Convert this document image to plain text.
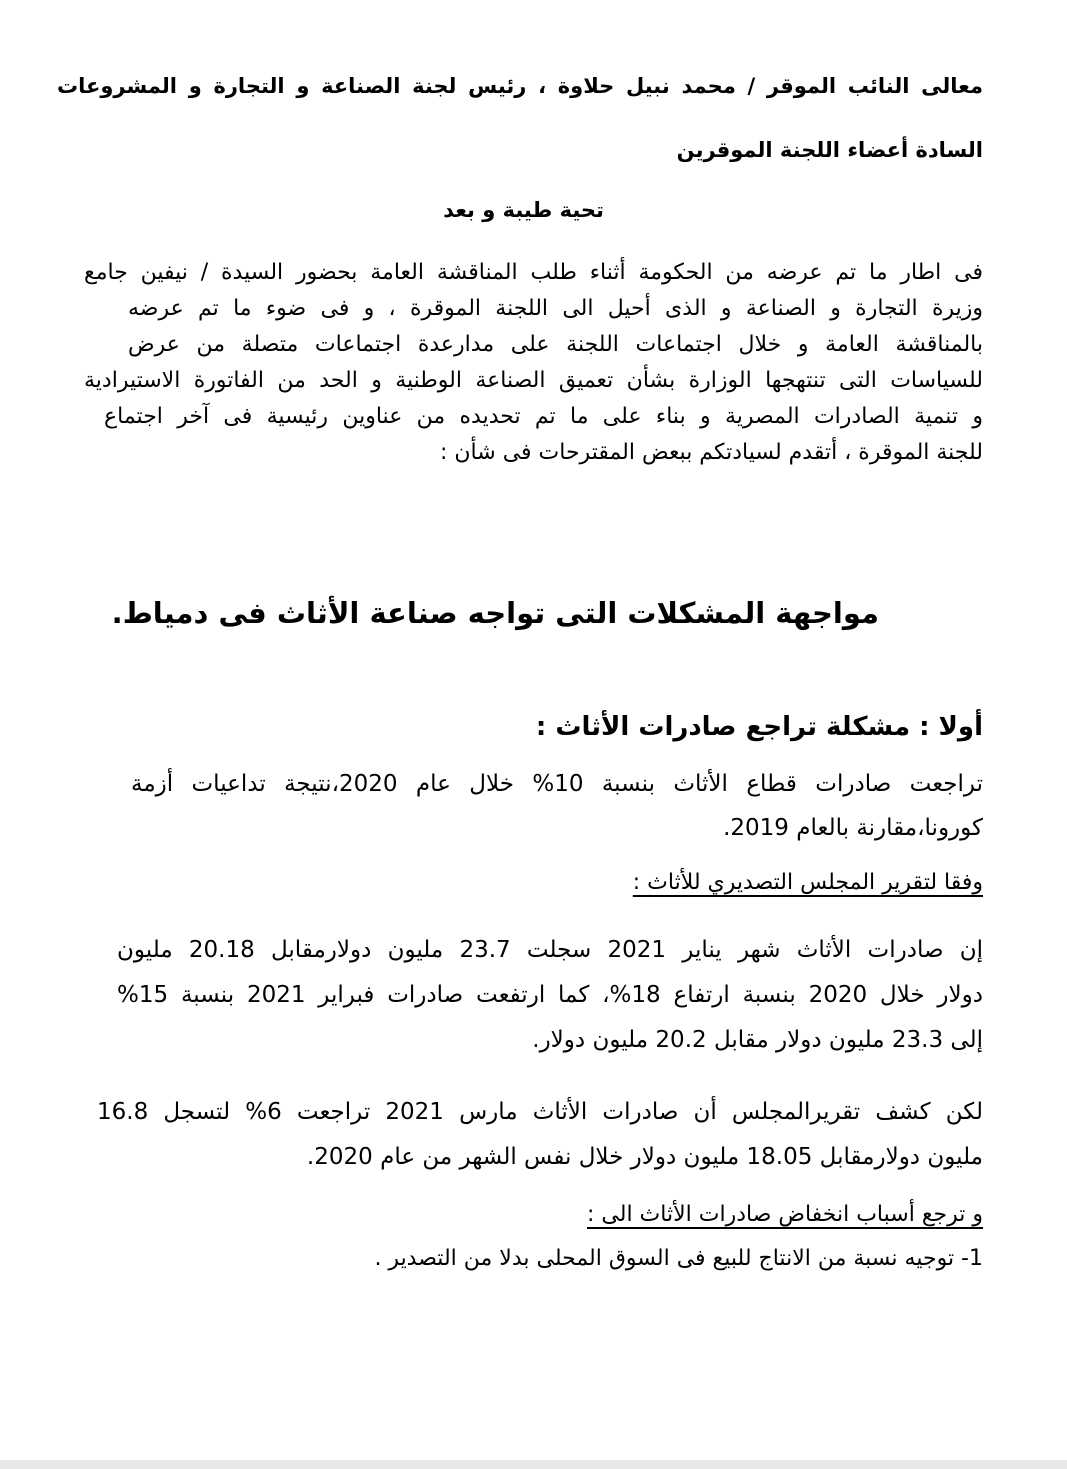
معالى النائب الموقر / محمد نبيل حلاوة ، رئيس لجنة الصناعة و التجارة و المشروعات
السادة أعضاء اللجنة الموقرين
تحية طيبة و بعد
فى اطار ما تم عرضه من الحكومة أثناء طلب المناقشة العامة بحضور السيدة / نيفين جامع
وزيرة التجارة و الصناعة و الذى أحيل الى اللجنة الموقرة ، و فى ضوء ما تم عرضه
بالمناقشة العامة و خلال اجتماعات اللجنة على مدارعدة اجتماعات متصلة من عرض
للسياسات التى تنتهجها الوزارة بشأن تعميق الصناعة الوطنية و الحد من الفاتورة الاستيرادية
و تنمية الصادرات المصرية و بناء على ما تم تحديده من عناوين رئيسية فى آخر اجتماع
للجنة الموقرة ، أتقدم لسيادتكم ببعض المقترحات فى شأن :
مواجهة المشكلات التى تواجه صناعة الأثاث فى دمياط.
أولا : مشكلة تراجع صادرات الأثاث :
تراجعت صادرات قطاع الأثاث بنسبة 10% خلال عام 2020،نتيجة تداعيات أزمة
كورونا،مقارنة بالعام 2019.
وفقا لتقرير المجلس التصديري للأثاث :
إن صادرات الأثاث شهر يناير 2021 سجلت 23.7 مليون دولارمقابل 20.18 مليون
دولار خلال 2020 بنسبة ارتفاع 18%، كما ارتفعت صادرات فبراير 2021 بنسبة 15%
إلى 23.3 مليون دولار مقابل 20.2 مليون دولار.
لكن كشف تقريرالمجلس أن صادرات الأثاث مارس 2021 تراجعت 6% لتسجل 16.8
مليون دولارمقابل 18.05 مليون دولار خلال نفس الشهر من عام 2020.
و ترجع أسباب انخفاض صادرات الأثاث الى :
1- توجيه نسبة من الانتاج للبيع فى السوق المحلى بدلا من التصدير .
